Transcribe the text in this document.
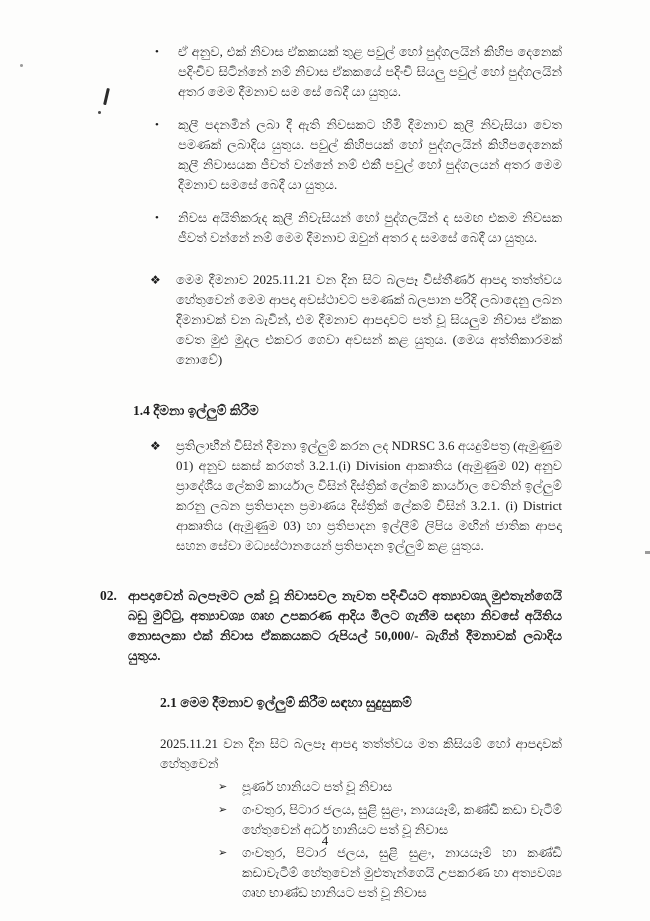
•	ඒ අනුව, එක් නිවාස ඒකකයක් තුළ පවුල් හෝ පුද්ගලයින් කිහිප දෙනෙක් පදිංචිව සිටින්නේ නම් නිවාස ඒකකයේ පදිංචි සියලු පවුල් හෝ පුද්ගලයින් අතර මෙම දීමනාව සම සේ බෙදී යා යුතුය.

•	කුලී පදනමින් ලබා දී ඇති නිවසකට හිමි දීමනාව කුලී නිවැසියා වෙත පමණක් ලබාදිය යුතුය. පවුල් කිහිපයක් හෝ පුද්ගලයින් කිහිපදෙනෙක් කුලී නිවාසයක ජීවත් වන්නේ නම් එකී පවුල් හෝ පුද්ගලයන් අතර මෙම දීමනාව සමසේ බෙදී යා යුතුය.

•	නිවස අයිතිකරුද කුලී නිවැසියන් හෝ පුද්ගලයින් ද සමඟ එකම නිවසක ජීවත් වන්නේ නම් මෙම දීමනාව ඔවුන් අතර ද සමසේ බෙදී යා යුතුය.

❖	මෙම දීමනාව 2025.11.21 වන දින සිට බලපෑ විස්තීර්ණ ආපදා තත්ත්වය හේතුවෙන් මෙම ආපදා අවස්ථාවට පමණක් බලපාන පරිදි ලබාදෙනු ලබන දීමනාවක් වන බැවින්, එම දීමනාව ආපදාවට පත් වූ සියලුම නිවාස ඒකක වෙත මුළු මුදල එකවර ගෙවා අවසන් කළ යුතුය. (මෙය අත්තිකාරමක් නොවේ)

1.4 දීමනා ඉල්ලුම් කිරීම
❖	ප්‍රතිලාභීන් විසින් දීමනා ඉල්ලුම් කරන ලද NDRSC 3.6 අයදුම්පත්‍ර (ඇමුණුම 01) අනුව සකස් කරගත් 3.2.1.(i) Division ආකෘතිය (ඇමුණුම 02) අනුව ප්‍රාදේශීය ලේකම් කාර්යාල විසින් දිස්ත්‍රික් ලේකම් කාර්යාල වෙතින් ඉල්ලුම් කරනු ලබන ප්‍රතිපාදන ප්‍රමාණය දිස්ත්‍රික් ලේකම් විසින් 3.2.1. (i) District ආකෘතිය (ඇමුණුම 03) හා ප්‍රතිපාදන ඉල්ලීම් ලිපිය මඟින් ජාතික ආපදා සහන සේවා මධ්‍යස්ථානයෙන් ප්‍රතිපාදන ඉල්ලුම් කළ යුතුය.

02. ආපදාවෙන් බලපෑමට ලක් වූ නිවාසවල නැවත පදිංචියට අත්‍යාවශ්‍ය මුළුතැන්ගෙයි බඩු මුට්ටු, අත්‍යාවශ්‍ය ගෘහ උපකරණ ආදිය මිලට ගැනීම සඳහා නිවසේ අයිතිය නොසලකා එක් නිවාස ඒකකයකට රුපියල් 50,000/- බැගින් දීමනාවක් ලබාදිය යුතුය.

2.1 මෙම දීමනාව ඉල්ලුම් කිරීම සඳහා සුදුසුකම්

2025.11.21 වන දින සිට බලපෑ ආපදා තත්ත්වය මත කිසියම් හෝ ආපදාවක් හේතුවෙන්

➢	පූර්ණ හානියට පත් වූ නිවාස

➢	ගංවතුර, පිටාර ජලය, සුළි සුළං, නායයෑම්, කණ්ඩි කඩා වැටීම් හේතුවෙන් අර්ධ හානියට පත් වූ නිවාස

➢	ගංවතුර, පිටාර ජලය, සුළි සුළං, නායයෑම් හා කණ්ඩි කඩාවැටීම් හේතුවෙන් මුළුතැන්ගෙයි උපකරණ හා අත්‍යවශ්‍ය ගෘහ භාණ්ඩ හානියට පත් වූ නිවාස

4
